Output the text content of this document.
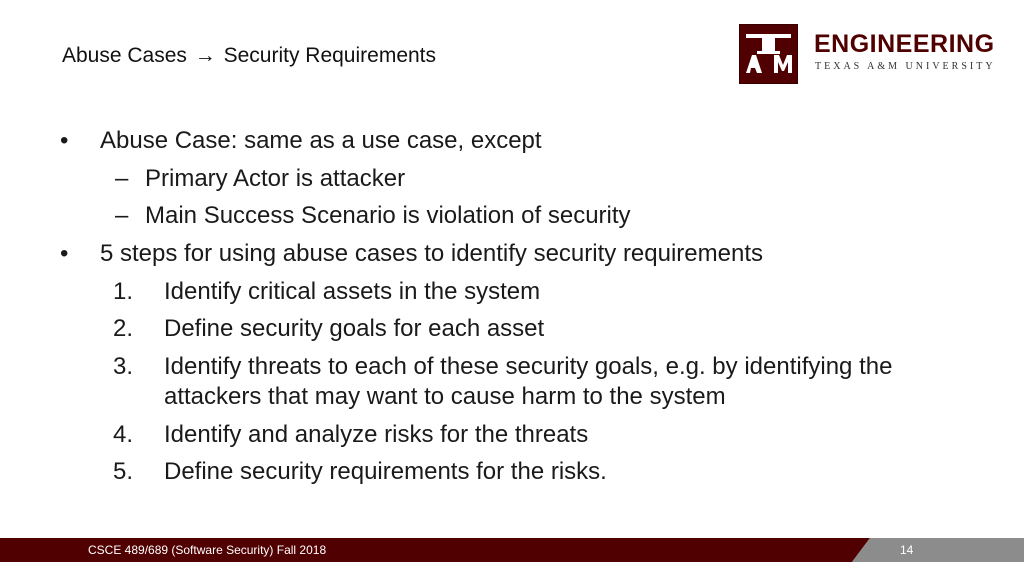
Abuse Cases → Security Requirements	ENGINEERING
TEXAS A&M UNIVERSITY
• Abuse Case: same as a use case, except
– Primary Actor is attacker
– Main Success Scenario is violation of security
• 5 steps for using abuse cases to identify security requirements
1. Identify critical assets in the system
2. Define security goals for each asset
3. Identify threats to each of these security goals, e.g. by identifying the
attackers that may want to cause harm to the system
4. Identify and analyze risks for the threats
5. Define security requirements for the risks.
CSCE 489/689 (Software Security) Fall 2018	14
